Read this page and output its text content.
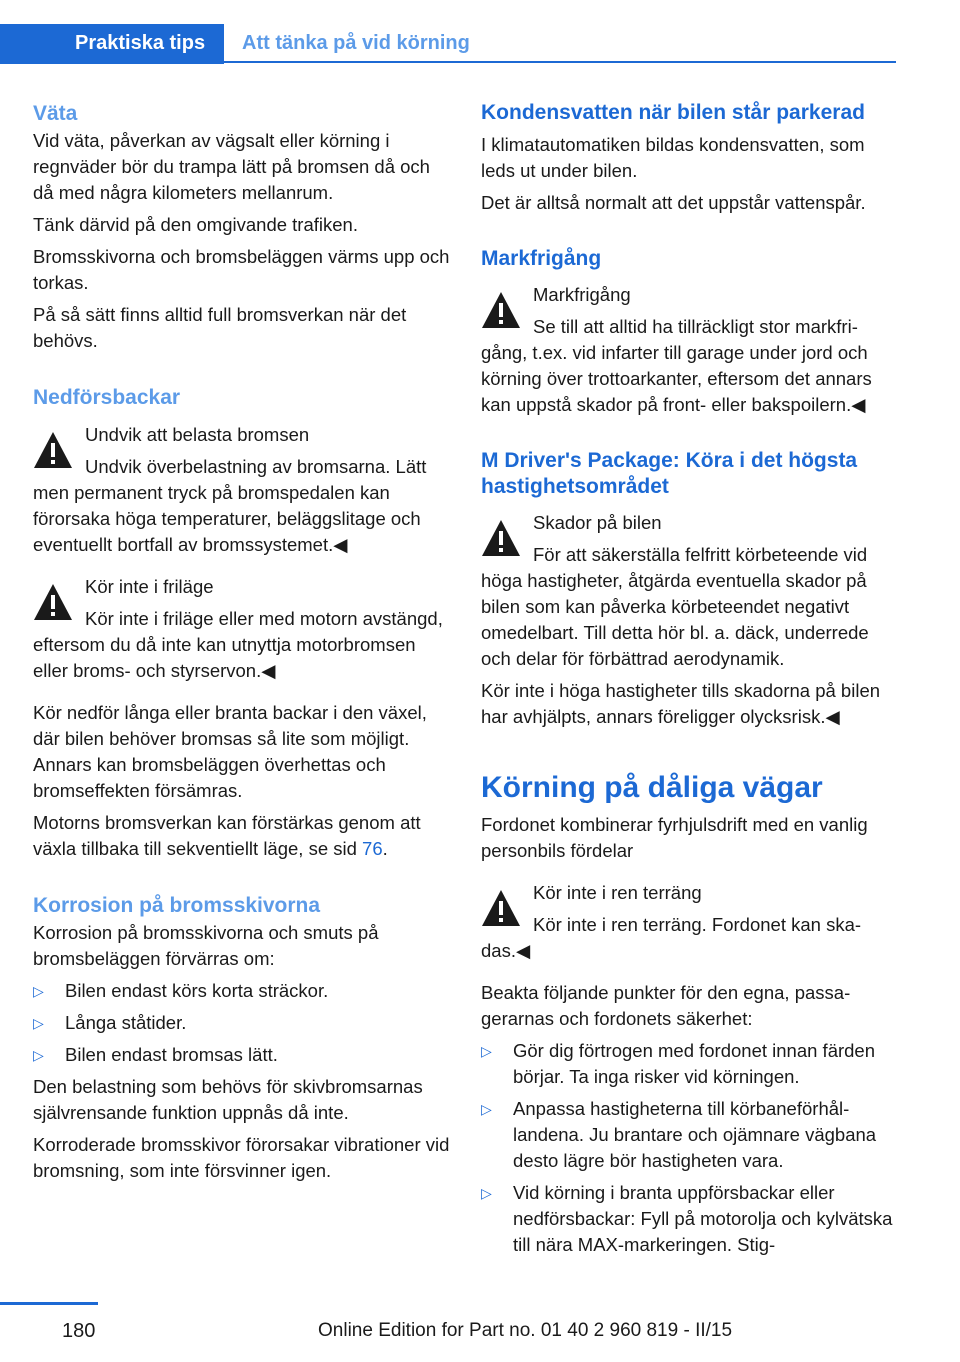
Praktiska tips	Att tänka på vid körning
Väta

Vid väta, påverkan av vägsalt eller körning i regnväder bör du trampa lätt på bromsen då och då med några kilometers mellanrum.

Tänk därvid på den omgivande trafiken.

Bromsskivorna och bromsbeläggen värms upp och torkas.

På så sätt finns alltid full bromsverkan när det behövs.

Nedförsbackar

Undvik att belasta bromsen

Undvik överbelastning av bromsarna. Lätt men permanent tryck på bromspedalen kan förorsaka höga temperaturer, beläggslitage och eventuellt bortfall av bromssystemet.◀

Kör inte i friläge

Kör inte i friläge eller med motorn avstängd, eftersom du då inte kan utnyttja motorbromsen eller broms- och styrservon.◀

Kör nedför långa eller branta backar i den växel, där bilen behöver bromsas så lite som möjligt. Annars kan bromsbeläggen överhettas och bromseffekten försämras.

Motorns bromsverkan kan förstärkas genom att växla tillbaka till sekventiellt läge, se sid 76.

Korrosion på bromsskivorna

Korrosion på bromsskivorna och smuts på bromsbeläggen förvärras om:

▷ Bilen endast körs korta sträckor.
▷ Långa ståtider.
▷ Bilen endast bromsas lätt.

Den belastning som behövs för skivbromsarnas självrensande funktion uppnås då inte.

Korroderade bromsskivor förorsakar vibrationer vid bromsning, som inte försvinner igen.

Kondensvatten när bilen står parkerad

I klimatautomatiken bildas kondensvatten, som leds ut under bilen.

Det är alltså normalt att det uppstår vattenspår.

Markfrigång

Markfrigång

Se till att alltid ha tillräckligt stor markfrigång, t.ex. vid infarter till garage under jord och körning över trottoarkanter, eftersom det annars kan uppstå skador på front- eller bakspoilern.◀

M Driver's Package: Köra i det högsta hastighetsområdet

Skador på bilen

För att säkerställa felfritt körbeteende vid höga hastigheter, åtgärda eventuella skador på bilen som kan påverka körbeteendet negativt omedelbart. Till detta hör bl. a. däck, underrede och delar för förbättrad aerodynamik.

Kör inte i höga hastigheter tills skadorna på bilen har avhjälpts, annars föreligger olycksrisk.◀

Körning på dåliga vägar

Fordonet kombinerar fyrhjulsdrift med en vanlig personbils fördelar

Kör inte i ren terräng

Kör inte i ren terräng. Fordonet kan skadas.◀

Beakta följande punkter för den egna, passagerarnas och fordonets säkerhet:

▷ Gör dig förtrogen med fordonet innan färden börjar. Ta inga risker vid körningen.
▷ Anpassa hastigheterna till körbaneförhållandena. Ju brantare och ojämnare vägbana desto lägre bör hastigheten vara.
▷ Vid körning i branta uppförsbackar eller nedförsbackar: Fyll på motorolja och kylvätska till nära MAX-markeringen. Stig-
180	Online Edition for Part no. 01 40 2 960 819 - II/15
